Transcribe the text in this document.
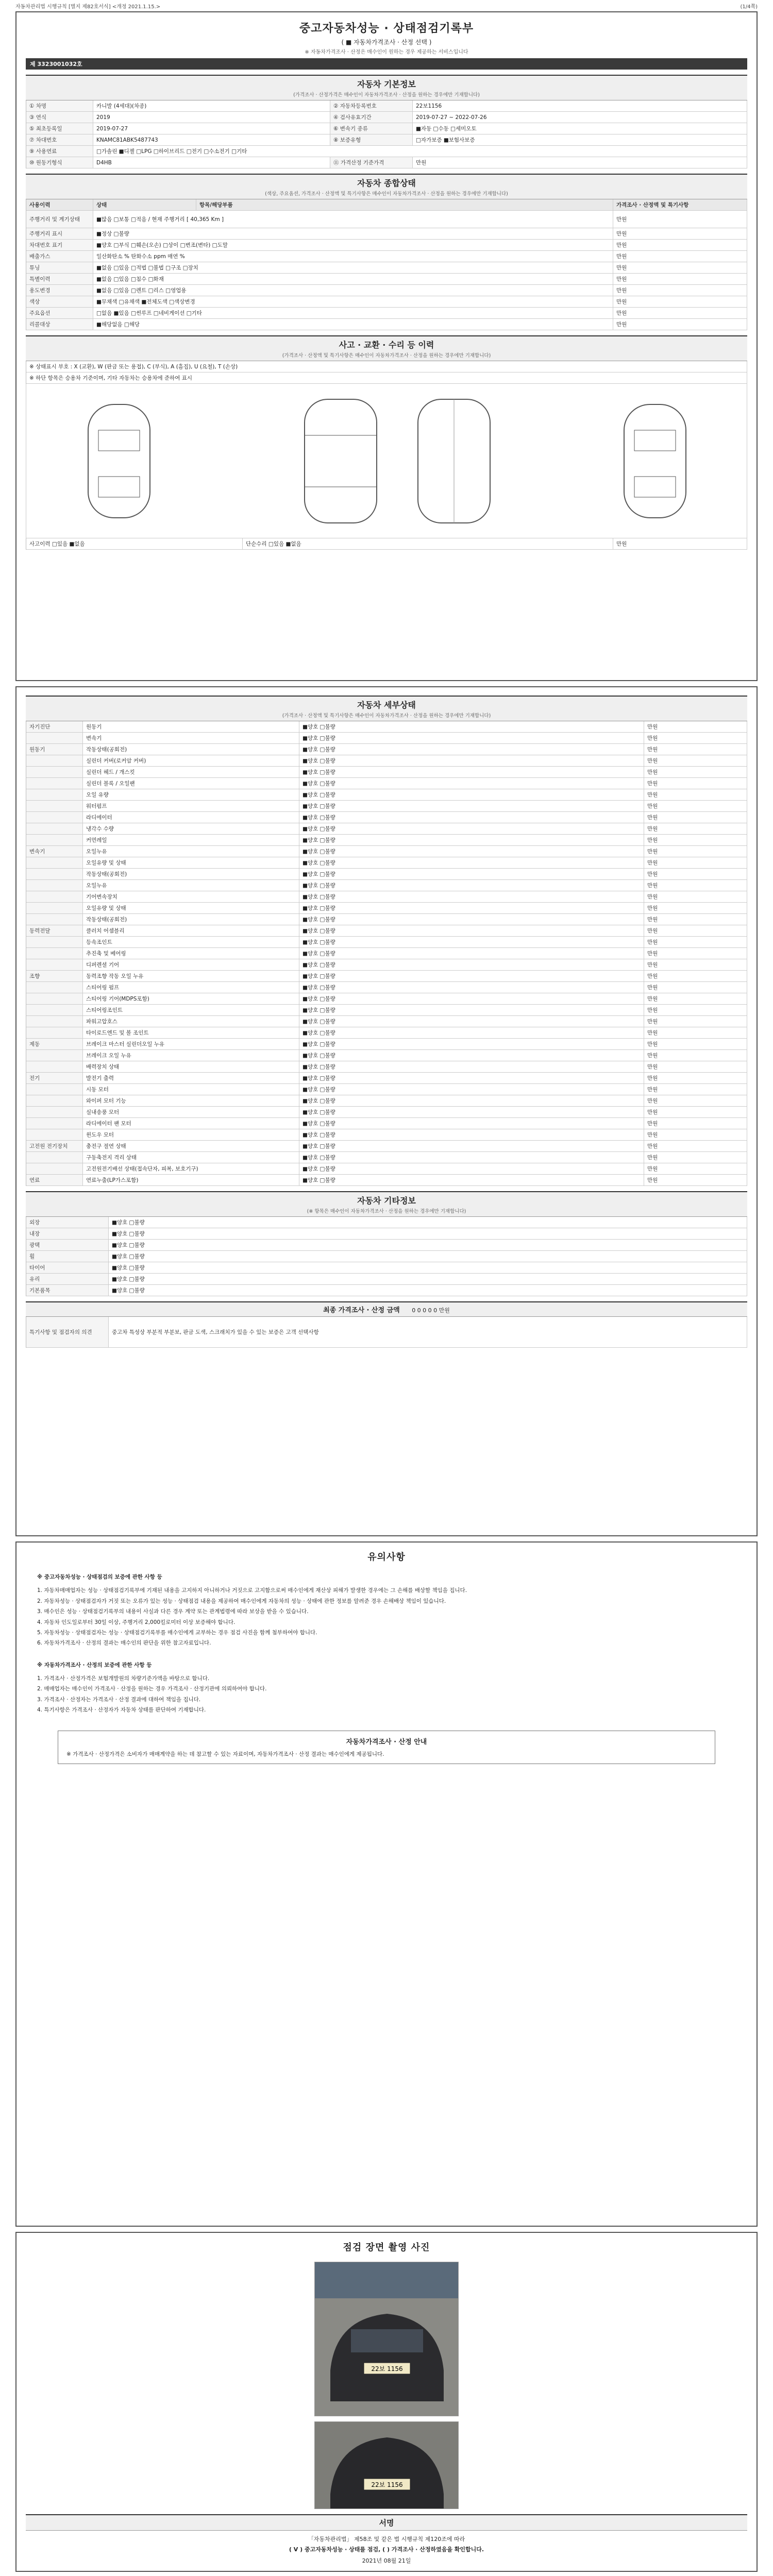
자동차관리법 시행규칙 [별지 제82호서식] <개정 2021.1.15.>	(1/4쪽)
중고자동차성능 · 상태점검기록부
( ■ 자동차가격조사 · 산정 선택 )
※ 자동차가격조사 · 산정은 매수인이 원하는 경우 제공하는 서비스입니다
제 3323001032호
자동차 기본정보
(가격조사 · 산정가격은 매수인이 자동차가격조사 · 산정을 원하는 경우에만 기재합니다)
① 차명	카니발 (4세대)(차종)	② 자동차등록번호	22보1156
③ 연식	2019	④ 검사유효기간	2019-07-27 ~ 2022-07-26
⑤ 최초등록일	2019-07-27	⑥ 변속기 종류	■자동 □수동 □세미오토
⑦ 차대번호	KNAMC81ABK5487743	⑧ 보증유형	□자가보증 ■보험사보증
⑨ 사용연료	□가솔린 ■디젤 □LPG □하이브리드 □전기 □수소전기 □기타
⑩ 원동기형식	D4HB	⑪ 가격산정 기준가격	만원
자동차 종합상태
(색상, 주요옵션, 가격조사 · 산정액 및 특기사항은 매수인이 자동차가격조사 · 산정을 원하는 경우에만 기재합니다)
사용이력	상태	항목/해당부품	가격조사 · 산정액 및 특기사항
주행거리 및 계기상태	■많음 □보통 □적음 / 현재 주행거리 [ 40,365 Km ]	만원
주행거리 표시	■정상 □불량	만원
차대번호 표기	■양호 □부식 □훼손(오손) □상이 □변조(변타) □도말	만원
배출가스	일산화탄소 % 탄화수소 ppm 매연 %	만원
튜닝	■없음 □있음 □적법 □불법 □구조 □장치	만원
특별이력	■없음 □있음 □침수 □화재	만원
용도변경	■없음 □있음 □렌트 □리스 □영업용	만원
색상	■무채색 □유채색 ■전체도색 □색상변경	만원
주요옵션	□없음 ■있음 □썬루프 □네비게이션 □기타	만원
리콜대상	■해당없음 □해당	만원
사고 · 교환 · 수리 등 이력
(가격조사 · 산정액 및 특기사항은 매수인이 자동차가격조사 · 산정을 원하는 경우에만 기재합니다)
※ 상태표시 부호 : X (교환), W (판금 또는 용접), C (부식), A (흠집), U (요철), T (손상)
※ 하단 항목은 승용차 기준이며, 기타 자동차는 승용차에 준하여 표시
사고이력 □있음 ■없음	단순수리 □있음 ■없음	만원
자동차 세부상태
(가격조사 · 산정액 및 특기사항은 매수인이 자동차가격조사 · 산정을 원하는 경우에만 기재합니다)
자기진단	원동기	■양호 □불량	만원
변속기	■양호 □불량	만원
원동기	작동상태(공회전)	■양호 □불량	만원
실린더 커버(로커암 커버)	■양호 □불량	만원
실린더 헤드 / 개스킷	■양호 □불량	만원
실린더 블록 / 오일팬	■양호 □불량	만원
오일 유량	■양호 □불량	만원
워터펌프	■양호 □불량	만원
라디에이터	■양호 □불량	만원
냉각수 수량	■양호 □불량	만원
커먼레일	■양호 □불량	만원
변속기	오일누유	■양호 □불량	만원
오일유량 및 상태	■양호 □불량	만원
작동상태(공회전)	■양호 □불량	만원
오일누유	■양호 □불량	만원
기어변속장치	■양호 □불량	만원
오일유량 및 상태	■양호 □불량	만원
작동상태(공회전)	■양호 □불량	만원
동력전달	클러치 어셈블리	■양호 □불량	만원
등속조인트	■양호 □불량	만원
추진축 및 베어링	■양호 □불량	만원
디퍼렌셜 기어	■양호 □불량	만원
조향	동력조향 작동 오일 누유	■양호 □불량	만원
스티어링 펌프	■양호 □불량	만원
스티어링 기어(MDPS포함)	■양호 □불량	만원
스티어링조인트	■양호 □불량	만원
파워고압호스	■양호 □불량	만원
타이로드엔드 및 볼 조인트	■양호 □불량	만원
제동	브레이크 마스터 실린더오일 누유	■양호 □불량	만원
브레이크 오일 누유	■양호 □불량	만원
배력장치 상태	■양호 □불량	만원
전기	발전기 출력	■양호 □불량	만원
시동 모터	■양호 □불량	만원
와이퍼 모터 기능	■양호 □불량	만원
실내송풍 모터	■양호 □불량	만원
라디에이터 팬 모터	■양호 □불량	만원
윈도우 모터	■양호 □불량	만원
고전원 전기장치	충전구 절연 상태	■양호 □불량	만원
구동축전지 격리 상태	■양호 □불량	만원
고전원전기배선 상태(접속단자, 피복, 보호기구)	■양호 □불량	만원
연료	연료누출(LP가스포함)	■양호 □불량	만원
자동차 기타정보
(※ 항목은 매수인이 자동차가격조사 · 산정을 원하는 경우에만 기재합니다)
외장	■양호 □불량
내장	■양호 □불량
광택	■양호 □불량
휠	■양호 □불량
타이어	■양호 □불량
유리	■양호 □불량
기본품목	■양호 □불량
최종 가격조사 · 산정 금액 0 0 0 0 0 만원
특기사항 및 점검자의 의견	중고차 특성상 부분적 부분보, 판금 도색, 스크래치가 있을 수 있는 보증은 고객 선택사항
유의사항
※ 중고자동차성능 · 상태점검의 보증에 관한 사항 등
1. 자동차매매업자는 성능 · 상태점검기록부에 기재된 내용을 고지하지 아니하거나 거짓으로 고지함으로써 매수인에게 재산상 피해가 발생한 경우에는 그 손해를 배상할 책임을 집니다.
2. 자동차성능 · 상태점검자가 거짓 또는 오류가 있는 성능 · 상태점검 내용을 제공하여 매수인에게 자동차의 성능 · 상태에 관한 정보를 알려준 경우 손해배상 책임이 있습니다.
3. 매수인은 성능 · 상태점검기록부의 내용이 사실과 다른 경우 계약 또는 관계법령에 따라 보상을 받을 수 있습니다.
4. 자동차 인도일로부터 30일 이상, 주행거리 2,000킬로미터 이상 보증해야 합니다.
5. 자동차성능 · 상태점검자는 성능 · 상태점검기록부를 매수인에게 교부하는 경우 점검 사진을 함께 첨부하여야 합니다.
6. 자동차가격조사 · 산정의 결과는 매수인의 판단을 위한 참고자료입니다.
※ 자동차가격조사 · 산정의 보증에 관한 사항 등
1. 가격조사 · 산정가격은 보험개발원의 차량기준가액을 바탕으로 합니다.
2. 매매업자는 매수인이 가격조사 · 산정을 원하는 경우 가격조사 · 산정기관에 의뢰하여야 합니다.
3. 가격조사 · 산정자는 가격조사 · 산정 결과에 대하여 책임을 집니다.
4. 특기사항은 가격조사 · 산정자가 자동차 상태를 판단하여 기재합니다.
자동차가격조사 · 산정 안내
※ 가격조사 · 산정가격은 소비자가 매매계약을 하는 데 참고할 수 있는 자료이며, 자동차가격조사 · 산정 결과는 매수인에게 제공됩니다.
점검 장면 촬영 사진
22보 1156
22보 1156
서명
「자동차관리법」 제58조 및 같은 법 시행규칙 제120조에 따라
( V ) 중고자동차성능 · 상태를 점검, ( ) 가격조사 · 산정하였음을 확인합니다.
2021년 08월 21일
